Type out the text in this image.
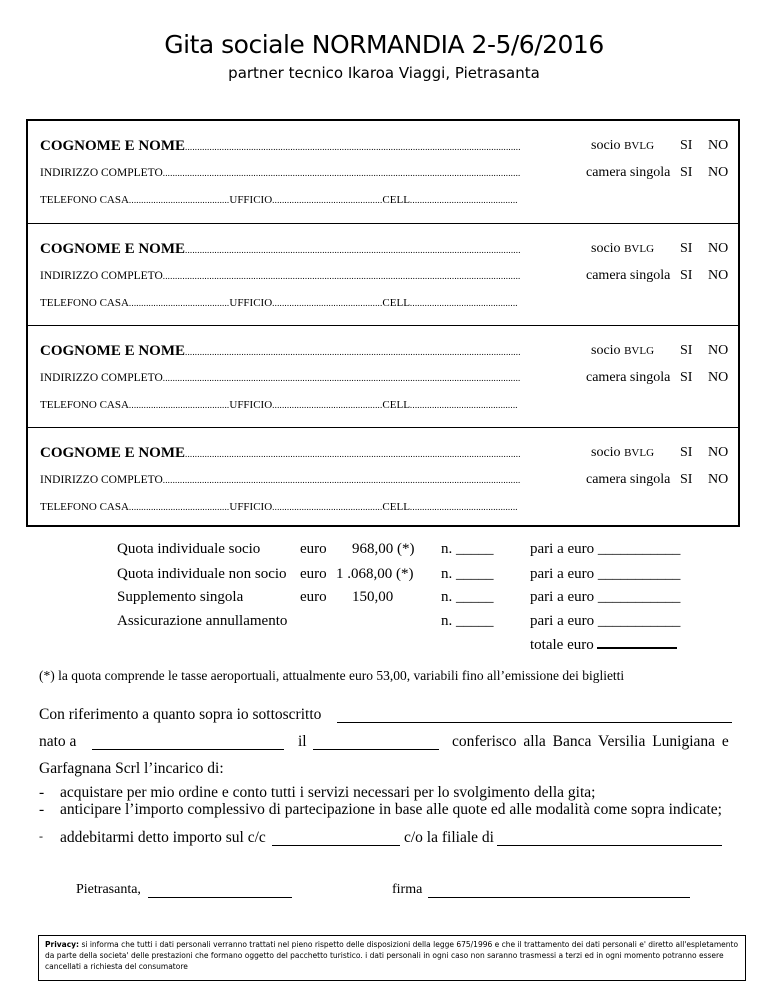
Gita sociale NORMANDIA 2-5/6/2016
partner tecnico Ikaroa Viaggi, Pietrasanta
COGNOME E NOME.........................................................................................................................................
INDIRIZZO COMPLETO..................................................................................................................................................
TELEFONO CASA.........................................UFFICIO.............................................CELL............................................
socio BVLG SI NO
camera singola SI NO
COGNOME E NOME.........................................................................................................................................
INDIRIZZO COMPLETO..................................................................................................................................................
TELEFONO CASA.........................................UFFICIO.............................................CELL............................................
socio BVLG SI NO
camera singola SI NO
COGNOME E NOME.........................................................................................................................................
INDIRIZZO COMPLETO..................................................................................................................................................
TELEFONO CASA.........................................UFFICIO.............................................CELL............................................
socio BVLG SI NO
camera singola SI NO
COGNOME E NOME.........................................................................................................................................
INDIRIZZO COMPLETO..................................................................................................................................................
TELEFONO CASA.........................................UFFICIO.............................................CELL............................................
socio BVLG SI NO
camera singola SI NO
Quota individuale socio	euro 968,00 (*) n. _____ pari a euro ___________
Quota individuale non socio euro 1 .068,00 (*) n. _____ pari a euro ___________
Supplemento singola	euro 150,00	n. _____ pari a euro ___________
Assicurazione annullamento	n. _____ pari a euro ___________
totale euro
(*) la quota comprende le tasse aeroportuali, attualmente euro 53,00, variabili fino all’emissione dei biglietti
Con riferimento a quanto sopra io sottoscritto
nato a	il	conferisco alla Banca Versilia Lunigiana e
Garfagnana Scrl l’incarico di:
- acquistare per mio ordine e conto tutti i servizi necessari per lo svolgimento della gita;
- anticipare l’importo complessivo di partecipazione in base alle quote ed alle modalità come sopra indicate;
- addebitarmi detto importo sul c/c	c/o la filiale di
Pietrasanta,	firma
Privacy: si informa che tutti i dati personali verranno trattati nel pieno rispetto delle disposizioni della legge 675/1996 e che il trattamento dei dati personali e' diretto all'espletamento da parte della societa' delle prestazioni che formano oggetto del pacchetto turistico. i dati personali in ogni caso non saranno trasmessi a terzi ed in ogni momento potranno essere cancellati a richiesta del consumatore
